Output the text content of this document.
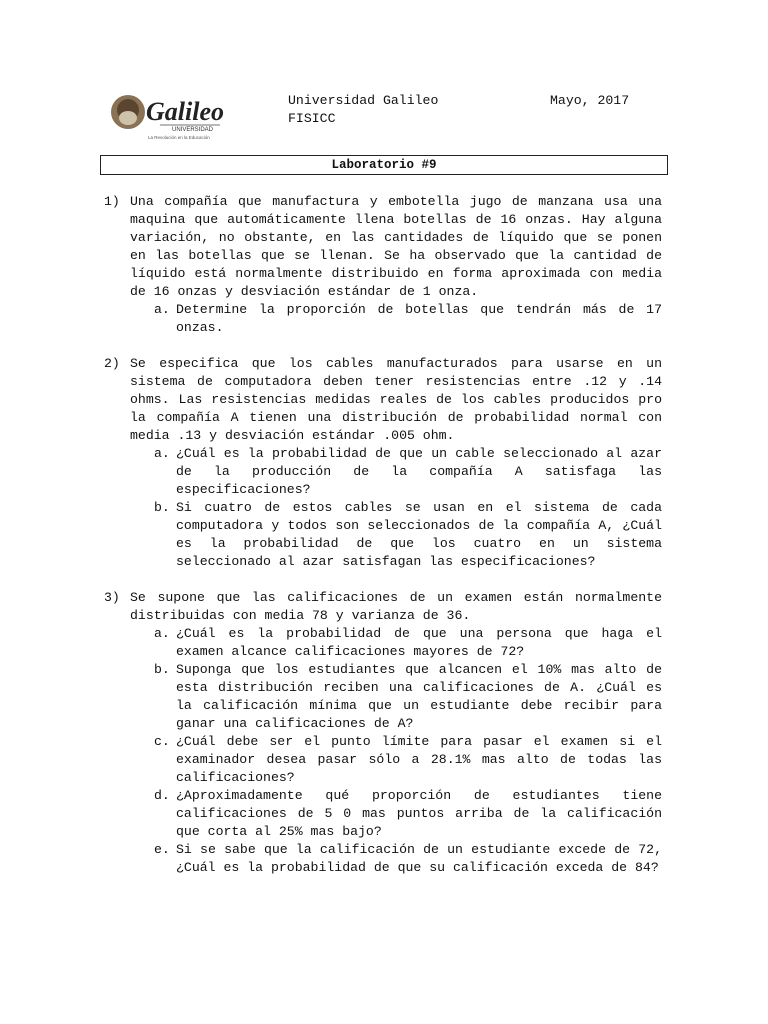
Galileo
UNIVERSIDAD
La Revolución en la Educación
Universidad Galileo
FISICC
Mayo, 2017
Laboratorio #9
1) Una compañía que manufactura y embotella jugo de manzana usa una maquina que automáticamente llena botellas de 16 onzas. Hay alguna variación, no obstante, en las cantidades de líquido que se ponen en las botellas que se llenan. Se ha observado que la cantidad de líquido está normalmente distribuido en forma aproximada con media de 16 onzas y desviación estándar de 1 onza.
a. Determine la proporción de botellas que tendrán más de 17 onzas.
2) Se especifica que los cables manufacturados para usarse en un sistema de computadora deben tener resistencias entre .12 y .14 ohms. Las resistencias medidas reales de los cables producidos pro la compañía A tienen una distribución de probabilidad normal con media .13 y desviación estándar .005 ohm.
a. ¿Cuál es la probabilidad de que un cable seleccionado al azar de la producción de la compañía A satisfaga las especificaciones?
b. Si cuatro de estos cables se usan en el sistema de cada computadora y todos son seleccionados de la compañía A, ¿Cuál es la probabilidad de que los cuatro en un sistema seleccionado al azar satisfagan las especificaciones?
3) Se supone que las calificaciones de un examen están normalmente distribuidas con media 78 y varianza de 36.
a. ¿Cuál es la probabilidad de que una persona que haga el examen alcance calificaciones mayores de 72?
b. Suponga que los estudiantes que alcancen el 10% mas alto de esta distribución reciben una calificaciones de A. ¿Cuál es la calificación mínima que un estudiante debe recibir para ganar una calificaciones de A?
c. ¿Cuál debe ser el punto límite para pasar el examen si el examinador desea pasar sólo a 28.1% mas alto de todas las calificaciones?
d. ¿Aproximadamente qué proporción de estudiantes tiene calificaciones de 5 0 mas puntos arriba de la calificación que corta al 25% mas bajo?
e. Si se sabe que la calificación de un estudiante excede de 72, ¿Cuál es la probabilidad de que su calificación exceda de 84?
